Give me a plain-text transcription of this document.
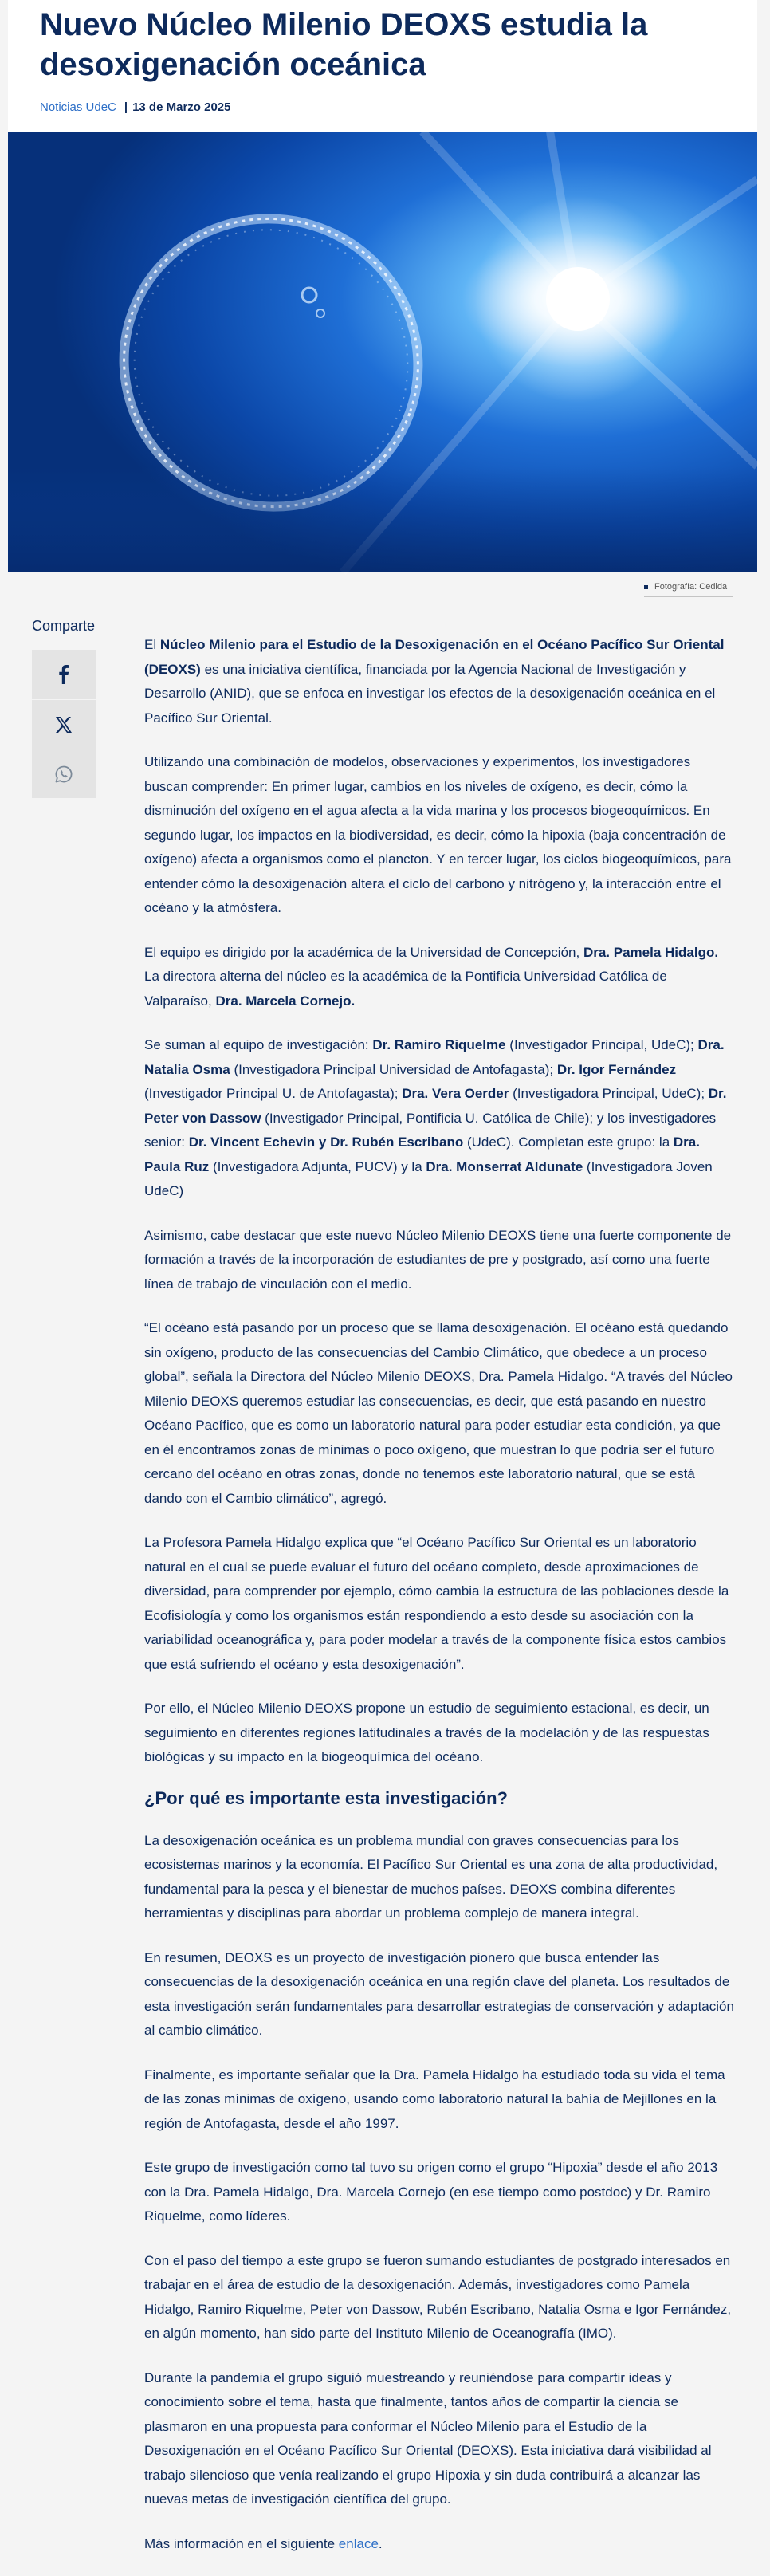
Nuevo Núcleo Milenio DEOXS estudia la desoxigenación oceánica
Noticias UdeC | 13 de Marzo 2025
Fotografía: Cedida
Comparte

El Núcleo Milenio para el Estudio de la Desoxigenación en el Océano Pacífico Sur Oriental (DEOXS) es una iniciativa científica, financiada por la Agencia Nacional de Investigación y Desarrollo (ANID), que se enfoca en investigar los efectos de la desoxigenación oceánica en el Pacífico Sur Oriental.

Utilizando una combinación de modelos, observaciones y experimentos, los investigadores buscan comprender: En primer lugar, cambios en los niveles de oxígeno, es decir, cómo la disminución del oxígeno en el agua afecta a la vida marina y los procesos biogeoquímicos. En segundo lugar, los impactos en la biodiversidad, es decir, cómo la hipoxia (baja concentración de oxígeno) afecta a organismos como el plancton. Y en tercer lugar, los ciclos biogeoquímicos, para entender cómo la desoxigenación altera el ciclo del carbono y nitrógeno y, la interacción entre el océano y la atmósfera.

El equipo es dirigido por la académica de la Universidad de Concepción, Dra. Pamela Hidalgo. La directora alterna del núcleo es la académica de la Pontificia Universidad Católica de Valparaíso, Dra. Marcela Cornejo.

Se suman al equipo de investigación: Dr. Ramiro Riquelme (Investigador Principal, UdeC); Dra. Natalia Osma (Investigadora Principal Universidad de Antofagasta); Dr. Igor Fernández (Investigador Principal U. de Antofagasta); Dra. Vera Oerder (Investigadora Principal, UdeC); Dr. Peter von Dassow (Investigador Principal, Pontificia U. Católica de Chile); y los investigadores senior: Dr. Vincent Echevin y Dr. Rubén Escribano (UdeC). Completan este grupo: la Dra. Paula Ruz (Investigadora Adjunta, PUCV) y la Dra. Monserrat Aldunate (Investigadora Joven UdeC)

Asimismo, cabe destacar que este nuevo Núcleo Milenio DEOXS tiene una fuerte componente de formación a través de la incorporación de estudiantes de pre y postgrado, así como una fuerte línea de trabajo de vinculación con el medio.

“El océano está pasando por un proceso que se llama desoxigenación. El océano está quedando sin oxígeno, producto de las consecuencias del Cambio Climático, que obedece a un proceso global”, señala la Directora del Núcleo Milenio DEOXS, Dra. Pamela Hidalgo. “A través del Núcleo Milenio DEOXS queremos estudiar las consecuencias, es decir, que está pasando en nuestro Océano Pacífico, que es como un laboratorio natural para poder estudiar esta condición, ya que en él encontramos zonas de mínimas o poco oxígeno, que muestran lo que podría ser el futuro cercano del océano en otras zonas, donde no tenemos este laboratorio natural, que se está dando con el Cambio climático”, agregó.

La Profesora Pamela Hidalgo explica que “el Océano Pacífico Sur Oriental es un laboratorio natural en el cual se puede evaluar el futuro del océano completo, desde aproximaciones de diversidad, para comprender por ejemplo, cómo cambia la estructura de las poblaciones desde la Ecofisiología y como los organismos están respondiendo a esto desde su asociación con la variabilidad oceanográfica y, para poder modelar a través de la componente física estos cambios que está sufriendo el océano y esta desoxigenación”.

Por ello, el Núcleo Milenio DEOXS propone un estudio de seguimiento estacional, es decir, un seguimiento en diferentes regiones latitudinales a través de la modelación y de las respuestas biológicas y su impacto en la biogeoquímica del océano.

¿Por qué es importante esta investigación?

La desoxigenación oceánica es un problema mundial con graves consecuencias para los ecosistemas marinos y la economía. El Pacífico Sur Oriental es una zona de alta productividad, fundamental para la pesca y el bienestar de muchos países. DEOXS combina diferentes herramientas y disciplinas para abordar un problema complejo de manera integral.

En resumen, DEOXS es un proyecto de investigación pionero que busca entender las consecuencias de la desoxigenación oceánica en una región clave del planeta. Los resultados de esta investigación serán fundamentales para desarrollar estrategias de conservación y adaptación al cambio climático.

Finalmente, es importante señalar que la Dra. Pamela Hidalgo ha estudiado toda su vida el tema de las zonas mínimas de oxígeno, usando como laboratorio natural la bahía de Mejillones en la región de Antofagasta, desde el año 1997.

Este grupo de investigación como tal tuvo su origen como el grupo “Hipoxia” desde el año 2013 con la Dra. Pamela Hidalgo, Dra. Marcela Cornejo (en ese tiempo como postdoc) y Dr. Ramiro Riquelme, como líderes.

Con el paso del tiempo a este grupo se fueron sumando estudiantes de postgrado interesados en trabajar en el área de estudio de la desoxigenación. Además, investigadores como Pamela Hidalgo, Ramiro Riquelme, Peter von Dassow, Rubén Escribano, Natalia Osma e Igor Fernández, en algún momento, han sido parte del Instituto Milenio de Oceanografía (IMO).

Durante la pandemia el grupo siguió muestreando y reuniéndose para compartir ideas y conocimiento sobre el tema, hasta que finalmente, tantos años de compartir la ciencia se plasmaron en una propuesta para conformar el Núcleo Milenio para el Estudio de la Desoxigenación en el Océano Pacífico Sur Oriental (DEOXS). Esta iniciativa dará visibilidad al trabajo silencioso que venía realizando el grupo Hipoxia y sin duda contribuirá a alcanzar las nuevas metas de investigación científica del grupo.

Más información en el siguiente enlace.
